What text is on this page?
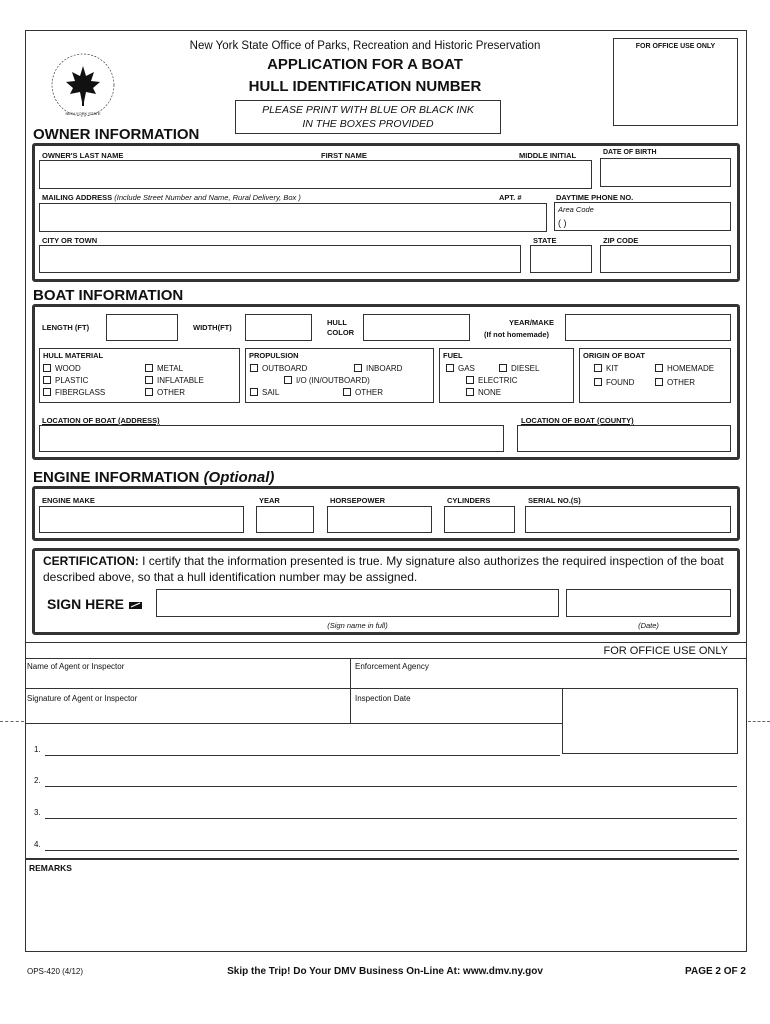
NEW YORK STATE
New York State Office of Parks, Recreation and Historic Preservation
APPLICATION FOR A BOAT
HULL IDENTIFICATION NUMBER
PLEASE PRINT WITH BLUE OR BLACK INK
IN THE BOXES PROVIDED
FOR OFFICE USE ONLY
OWNER INFORMATION
OWNER'S LAST NAME	FIRST NAME	MIDDLE INITIAL	DATE OF BIRTH
MAILING ADDRESS (Include Street Number and Name, Rural Delivery, Box )	APT. #	DAYTIME PHONE NO.
Area Code
( )
CITY OR TOWN	STATE	ZIP CODE
BOAT INFORMATION
LENGTH (FT)	WIDTH(FT)
HULL
COLOR
YEAR/MAKE
(If not homemade)
HULL MATERIAL
WOOD	METAL
PLASTIC	INFLATABLE
FIBERGLASS	OTHER
PROPULSION
OUTBOARD	INBOARD
I/O (IN/OUTBOARD)
SAIL	OTHER
FUEL
GAS	DIESEL
ELECTRIC
NONE
ORIGIN OF BOAT
KIT	HOMEMADE
FOUND	OTHER
LOCATION OF BOAT (ADDRESS)	LOCATION OF BOAT (COUNTY)
ENGINE INFORMATION (Optional)
ENGINE MAKE	YEAR	HORSEPOWER	CYLINDERS	SERIAL NO.(S)
CERTIFICATION: I certify that the information presented is true. My signature also authorizes the required inspection of the boat described above, so that a hull identification number may be assigned.
SIGN HERE
(Sign name in full)	(Date)
FOR OFFICE USE ONLY
Name of Agent or Inspector	Enforcement Agency
Signature of Agent or Inspector	Inspection Date
1.
2.
3.
4.
REMARKS
OPS-420 (4/12)	Skip the Trip! Do Your DMV Business On-Line At: www.dmv.ny.gov	PAGE 2 OF 2
